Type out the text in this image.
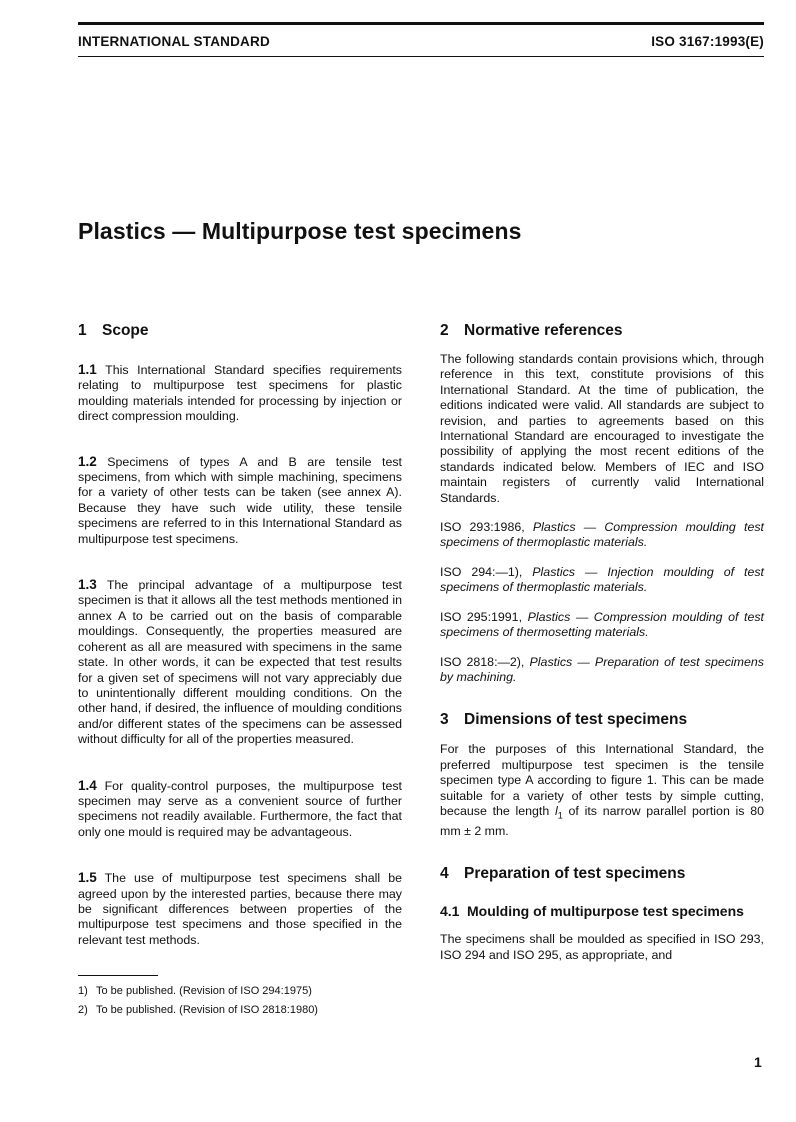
INTERNATIONAL STANDARD	ISO 3167:1993(E)
Plastics — Multipurpose test specimens
1 Scope

1.1 This International Standard specifies requirements relating to multipurpose test specimens for plastic moulding materials intended for processing by injection or direct compression moulding.

1.2 Specimens of types A and B are tensile test specimens, from which with simple machining, specimens for a variety of other tests can be taken (see annex A). Because they have such wide utility, these tensile specimens are referred to in this International Standard as multipurpose test specimens.

1.3 The principal advantage of a multipurpose test specimen is that it allows all the test methods mentioned in annex A to be carried out on the basis of comparable mouldings. Consequently, the properties measured are coherent as all are measured with specimens in the same state. In other words, it can be expected that test results for a given set of specimens will not vary appreciably due to unintentionally different moulding conditions. On the other hand, if desired, the influence of moulding conditions and/or different states of the specimens can be assessed without difficulty for all of the properties measured.

1.4 For quality-control purposes, the multipurpose test specimen may serve as a convenient source of further specimens not readily available. Furthermore, the fact that only one mould is required may be advantageous.

1.5 The use of multipurpose test specimens shall be agreed upon by the interested parties, because there may be significant differences between properties of the multipurpose test specimens and those specified in the relevant test methods.

2 Normative references

The following standards contain provisions which, through reference in this text, constitute provisions of this International Standard. At the time of publication, the editions indicated were valid. All standards are subject to revision, and parties to agreements based on this International Standard are encouraged to investigate the possibility of applying the most recent editions of the standards indicated below. Members of IEC and ISO maintain registers of currently valid International Standards.

ISO 293:1986, Plastics — Compression moulding test specimens of thermoplastic materials.

ISO 294:—1), Plastics — Injection moulding of test specimens of thermoplastic materials.

ISO 295:1991, Plastics — Compression moulding of test specimens of thermosetting materials.

ISO 2818:—2), Plastics — Preparation of test specimens by machining.

3 Dimensions of test specimens

For the purposes of this International Standard, the preferred multipurpose test specimen is the tensile specimen type A according to figure 1. This can be made suitable for a variety of other tests by simple cutting, because the length $l_1$ of its narrow parallel portion is 80 mm ± 2 mm.

4 Preparation of test specimens
4.1 Moulding of multipurpose test specimens

The specimens shall be moulded as specified in ISO 293, ISO 294 and ISO 295, as appropriate, and

1) To be published. (Revision of ISO 294:1975)
2) To be published. (Revision of ISO 2818:1980)
1
